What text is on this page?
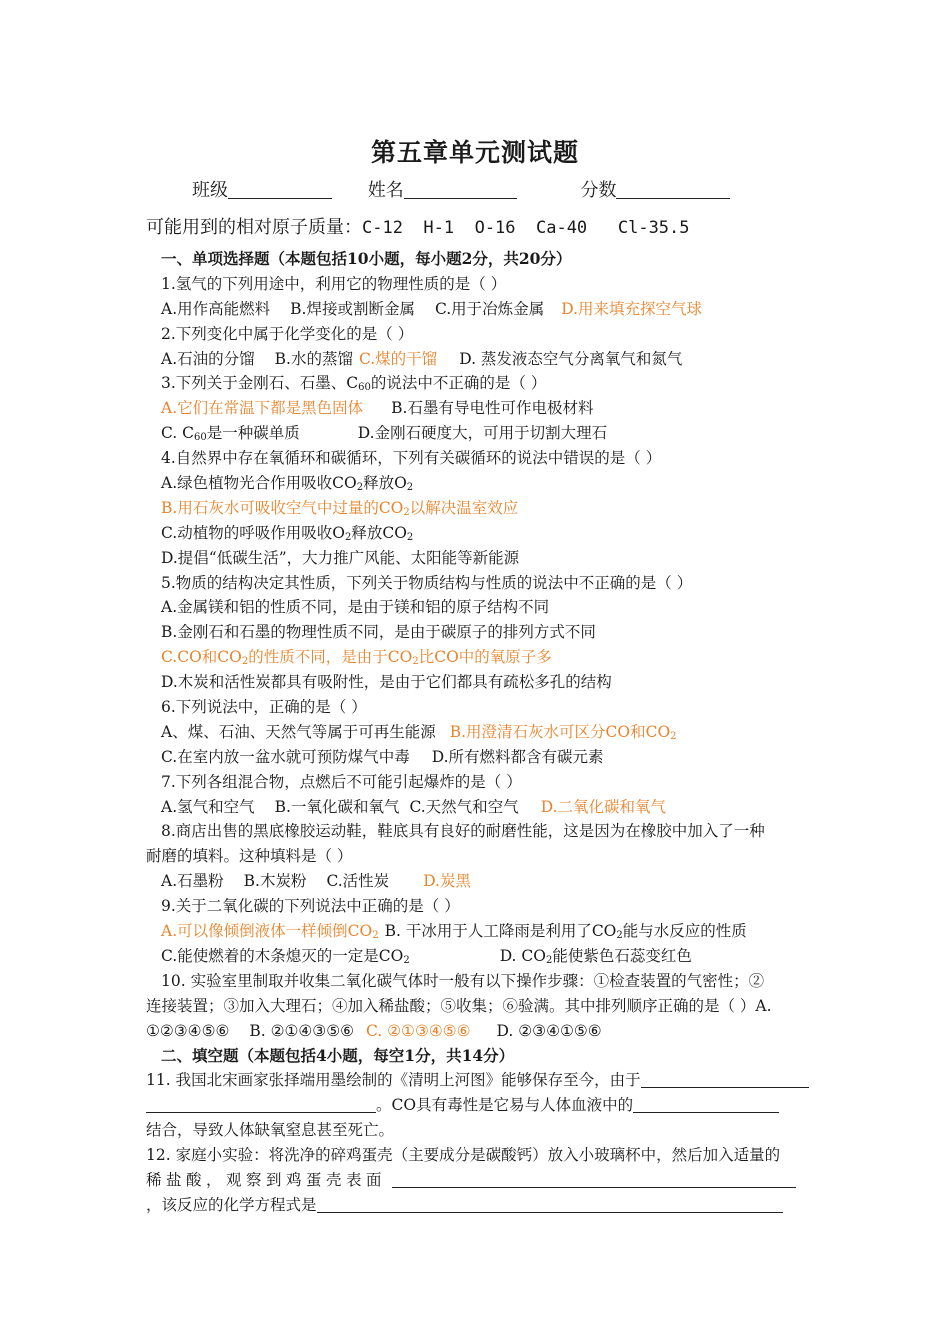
第五章单元测试题
班级	姓名	分数
可能用到的相对原子质量：C-12  H-1  O-16  Ca-40   Cl-35.5
一、单项选择题（本题包括10小题，每小题2分，共20分）
1.氢气的下列用途中，利用它的物理性质的是（ ）
A.用作高能燃料 B.焊接或割断金属 C.用于冶炼金属 D.用来填充探空气球
2.下列变化中属于化学变化的是（ ）
A.石油的分馏 B.水的蒸馏 C.煤的干馏 D. 蒸发液态空气分离氧气和氮气
3.下列关于金刚石、石墨、$C_{60}$的说法中不正确的是（ ）
A.它们在常温下都是黑色固体 B.石墨有导电性可作电极材料
C. $C_{60}$是一种碳单质	D.金刚石硬度大，可用于切割大理石
4.自然界中存在氧循环和碳循环，下列有关碳循环的说法中错误的是（ ）
A.绿色植物光合作用吸收$CO_2$释放$O_2$
B.用石灰水可吸收空气中过量的$CO_2$以解决温室效应
C.动植物的呼吸作用吸收$O_2$释放$CO_2$
D.提倡“低碳生活”，大力推广风能、太阳能等新能源
5.物质的结构决定其性质，下列关于物质结构与性质的说法中不正确的是（ ）
A.金属镁和铝的性质不同，是由于镁和铝的原子结构不同
B.金刚石和石墨的物理性质不同，是由于碳原子的排列方式不同
C.CO和$CO_2$的性质不同，是由于$CO_2$比CO中的氧原子多
D.木炭和活性炭都具有吸附性，是由于它们都具有疏松多孔的结构
6.下列说法中，正确的是（ ）
A、煤、石油、天然气等属于可再生能源 B.用澄清石灰水可区分CO和$CO_2$
C.在室内放一盆水就可预防煤气中毒 D.所有燃料都含有碳元素
7.下列各组混合物，点燃后不可能引起爆炸的是（ ）
A.氢气和空气 B.一氧化碳和氧气 C.天然气和空气 D.二氧化碳和氧气
8.商店出售的黑底橡胶运动鞋，鞋底具有良好的耐磨性能，这是因为在橡胶中加入了一种
耐磨的填料。这种填料是（ ）
A.石墨粉 B.木炭粉 C.活性炭 D.炭黑
9.关于二氧化碳的下列说法中正确的是（ ）
A.可以像倾倒液体一样倾倒$CO_2$ B. 干冰用于人工降雨是利用了$CO_2$能与水反应的性质
C.能使燃着的木条熄灭的一定是$CO_2$	D. $CO_2$能使紫色石蕊变红色
10. 实验室里制取并收集二氧化碳气体时一般有以下操作步骤：①检查装置的气密性；②
连接装置；③加入大理石；④加入稀盐酸；⑤收集；⑥验满。其中排列顺序正确的是（ ）A.
①②③④⑤⑥ B. ②①④③⑤⑥ C. ②①③④⑤⑥ D. ②③④①⑤⑥
二、填空题（本题包括4小题，每空1分，共14分）
11. 我国北宋画家张择端用墨绘制的《清明上河图》能够保存至今，由于
。CO具有毒性是它易与人体血液中的
结合，导致人体缺氧窒息甚至死亡。
12. 家庭小实验：将洗净的碎鸡蛋壳（主要成分是碳酸钙）放入小玻璃杯中，然后加入适量的
稀盐酸，观察到鸡蛋壳表面
，该反应的化学方程式是
